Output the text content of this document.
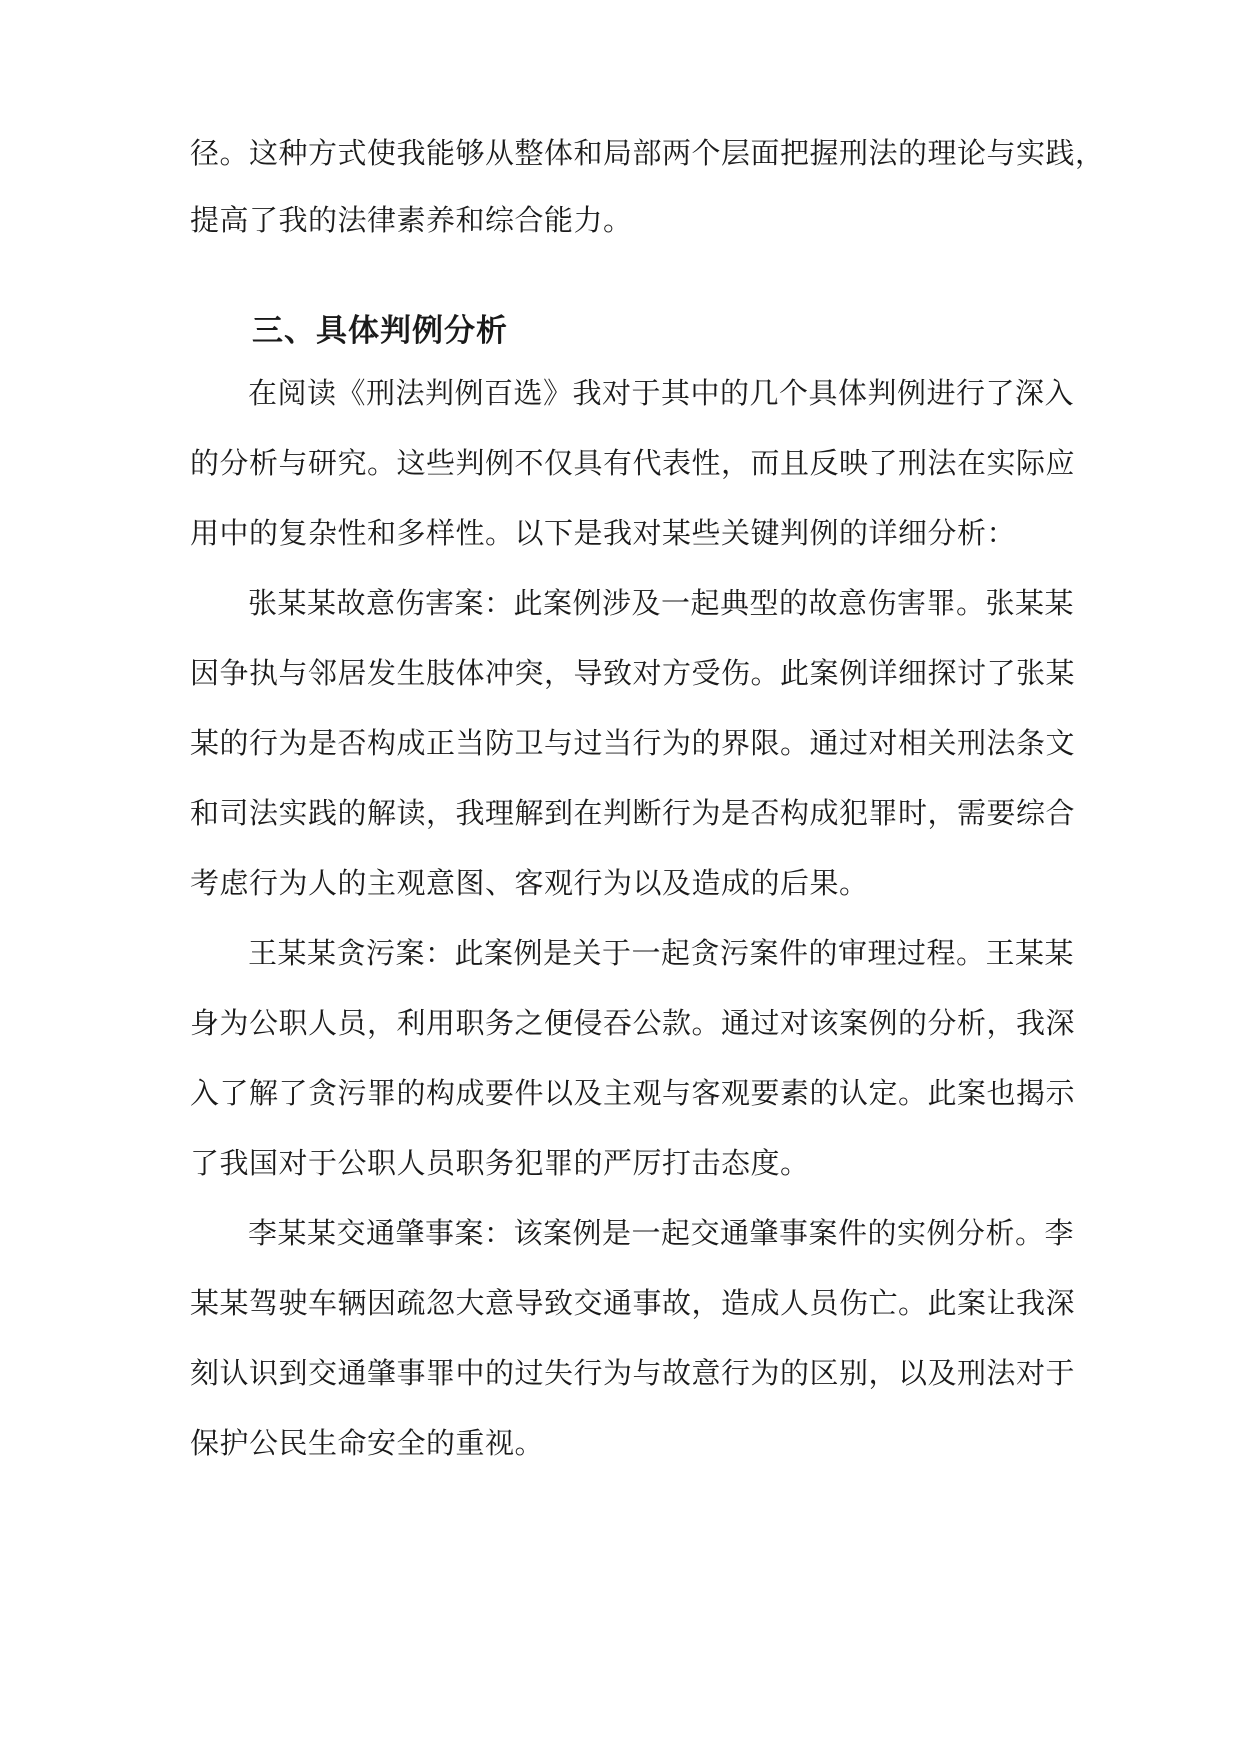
径。这种方式使我能够从整体和局部两个层面把握刑法的理论与实践，
提高了我的法律素养和综合能力。
三、具体判例分析
在阅读《刑法判例百选》我对于其中的几个具体判例进行了深入
的分析与研究。这些判例不仅具有代表性，而且反映了刑法在实际应
用中的复杂性和多样性。以下是我对某些关键判例的详细分析：
张某某故意伤害案：此案例涉及一起典型的故意伤害罪。张某某
因争执与邻居发生肢体冲突，导致对方受伤。此案例详细探讨了张某
某的行为是否构成正当防卫与过当行为的界限。通过对相关刑法条文
和司法实践的解读，我理解到在判断行为是否构成犯罪时，需要综合
考虑行为人的主观意图、客观行为以及造成的后果。
王某某贪污案：此案例是关于一起贪污案件的审理过程。王某某
身为公职人员，利用职务之便侵吞公款。通过对该案例的分析，我深
入了解了贪污罪的构成要件以及主观与客观要素的认定。此案也揭示
了我国对于公职人员职务犯罪的严厉打击态度。
李某某交通肇事案：该案例是一起交通肇事案件的实例分析。李
某某驾驶车辆因疏忽大意导致交通事故，造成人员伤亡。此案让我深
刻认识到交通肇事罪中的过失行为与故意行为的区别，以及刑法对于
保护公民生命安全的重视。
